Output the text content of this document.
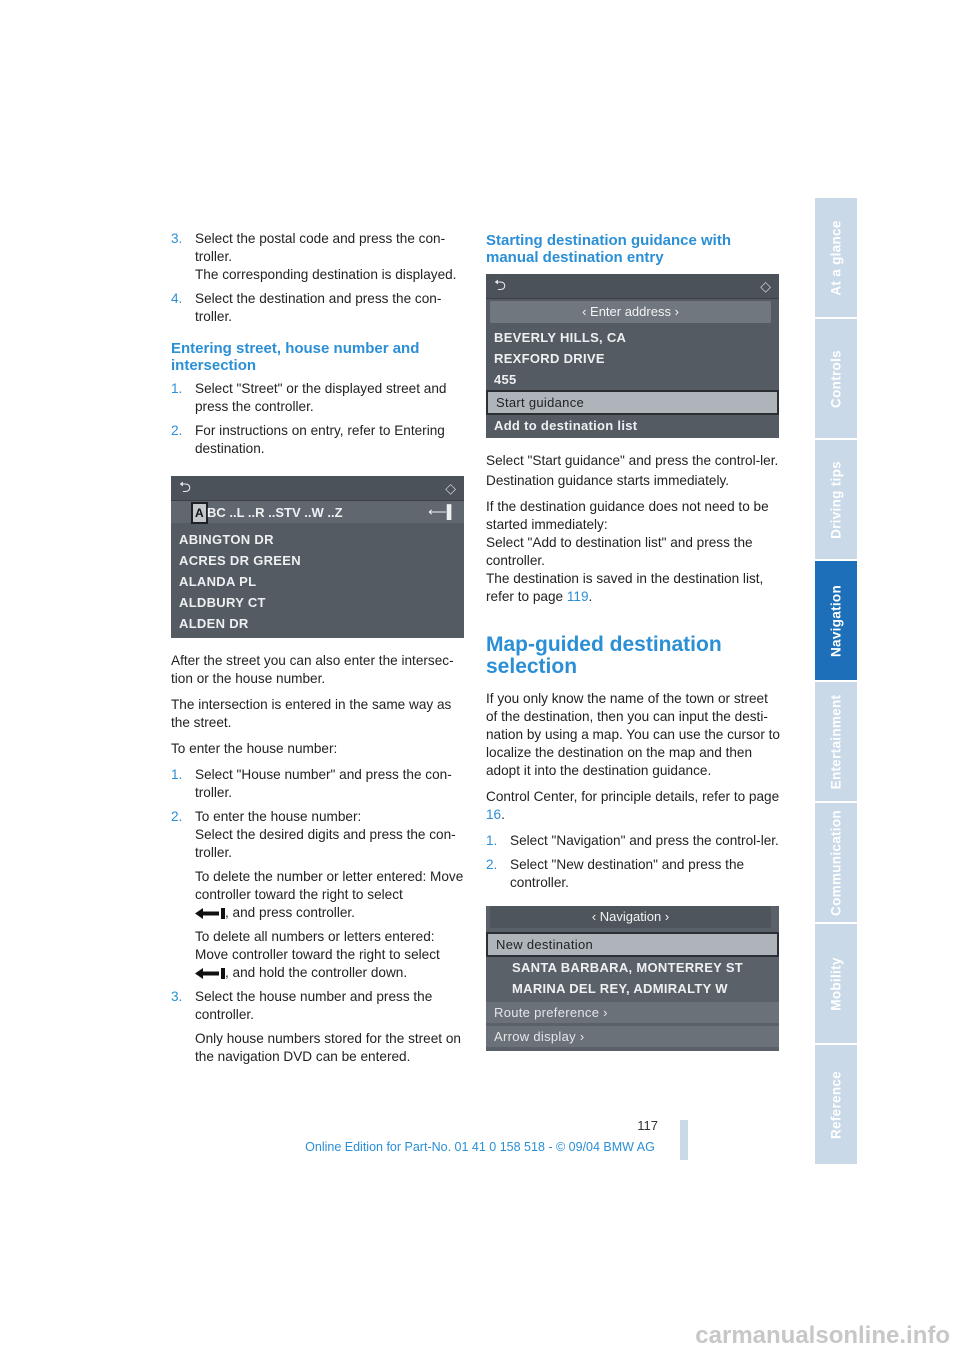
3. Select the postal code and press the con-troller.
The corresponding destination is displayed.
4. Select the destination and press the con-troller.
Entering street, house number and intersection
1. Select "Street" or the displayed street and press the controller.
2. For instructions on entry, refer to Entering destination.
⮌	◇
A BC ..L ..R ..STV ..W ..Z	⟵▌
ABINGTON DR
ACRES DR GREEN
ALANDA PL
ALDBURY CT
ALDEN DR

After the street you can also enter the intersec-tion or the house number.

The intersection is entered in the same way as the street.

To enter the house number:

1. Select "House number" and press the con-troller.
2. To enter the house number:
Select the desired digits and press the con-troller.
To delete the number or letter entered: Move controller toward the right to select
, and press controller.
To delete all numbers or letters entered: Move controller toward the right to select
, and hold the controller down.
3. Select the house number and press the controller.
Only house numbers stored for the street on the navigation DVD can be entered.
Starting destination guidance with manual destination entry
⮌	◇
‹ Enter address ›
BEVERLY HILLS, CA
REXFORD DRIVE
455
Start guidance
Add to destination list

Select "Start guidance" and press the control-ler.

Destination guidance starts immediately.

If the destination guidance does not need to be started immediately:

Select "Add to destination list" and press the controller.

The destination is saved in the destination list, refer to page 119.

Map-guided destination selection

If you only know the name of the town or street of the destination, then you can input the desti-nation by using a map. You can use the cursor to localize the destination on the map and then adopt it into the destination guidance.

Control Center, for principle details, refer to page 16.

1. Select "Navigation" and press the control-ler.
2. Select "New destination" and press the controller.
‹ Navigation ›
New destination
SANTA BARBARA, MONTERREY ST
MARINA DEL REY, ADMIRALTY W
Route preference ›
Arrow display ›
At a glance
Controls
Driving tips
Navigation
Entertainment
Communication
Mobility
Reference
117
Online Edition for Part-No. 01 41 0 158 518 - © 09/04 BMW AG
carmanualsonline.info
